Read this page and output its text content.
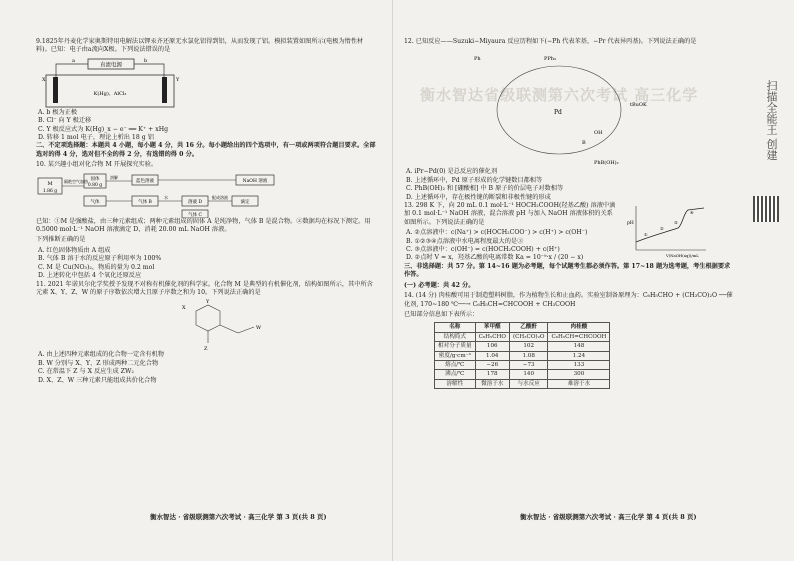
9.1825年丹麦化学家奥斯特用电解法以钾汞齐还原无水氯化铝得到铝，从而发现了铝。模拟装置如图所示(电极为惰性材料)。已知：电子由a流向X极。下列说法错误的是
直流电源
a	b
X	Y
K(Hg)、AlCl₃
A. b 极为正极
B. Cl⁻ 向 Y 极迁移
C. Y 极反应式为 K(Hg)_x − e⁻ ══ K⁺ + xHg
D. 转移 1 mol 电子，理论上析出 18 g 铝
二、不定项选择题：本题共 4 小题，每小题 4 分，共 16 分。每小题给出的四个选项中，有一项或两项符合题目要求。全部选对的得 4 分，选对但不全的得 2 分，有选错的得 0 分。
10. 某兴趣小组对化合物 M 开展探究实验。
M
1.86 g
隔绝空气加热 固体
0.80 g
气体
溶解
蓝色溶液
气体 B
水
溶液 D
气体 C
配成溶液
NaOH 溶液
滴定
已知：①M 是强酸盐，由三种元素组成；两种元素组成的固体 A 是纯净物，气体 B 是混合物。②数据均在标况下测定。用 0.5000 mol·L⁻¹ NaOH 溶液滴定 D，消耗 20.00 mL NaOH 溶液。
下列推断正确的是
A. 红色固体物质由 A 组成
B. 气体 B 溶于水的反应原子利用率为 100%
C. M 是 Cu(NO₃)₂，物质的量为 0.2 mol
D. 上述转化中包括 4 个氧化还原反应
11. 2021 年诺贝尔化学奖授予发现不对称有机催化剂的科学家。化合物 M 是典型的有机催化剂，结构如图所示，其中所含元素 X、Y、Z、W 的原子序数依次增大且原子序数之和为 10。下列说法正确的是
X
Y
Z
W
A. 由上述四种元素组成的化合物一定含有机物
B. W 分别与 X、Y、Z 形成两种二元化合物
C. 在常温下 Z 与 X 反应生成 ZW₂
D. X、Z、W 三种元素只能组成共价化合物
衡水智达 · 省级联测第六次考试 · 高三化学 第 3 页(共 8 页)
衡水智达省级联测第六次考试 高三化学
12. 已知反应——Suzuki−Miyaura 反应历程如下(−Ph 代表苯基，−Pr 代表异丙基)。下列说法正确的是
Ph	PPh₃
Pd
OH
B
tBuOK
PhB(OH)₂
A. iPr−Pd(0) 是总反应的催化剂
B. 上述循环中，Pd 原子形成的化学键数目都相等
C. PhB(OH)₂ 和 [硼酸根] 中 B 原子的价层电子对数相等
D. 上述循环中，存在极性键的断裂和非极性键的形成
13. 298 K 下，向 20 mL 0.1 mol·L⁻¹ HOCH₂COOH(羟基乙酸) 溶液中滴加 0.1 mol·L⁻¹ NaOH 溶液，混合溶液 pH 与加入 NaOH 溶液体积的关系如图所示。下列说法正确的是	pH
V(NaOH(aq))/mL
①
②
③
④
A. ②点溶液中：c(Na⁺) > c(HOCH₂COO⁻) > c(H⁺) > c(OH⁻)
B. ①②③④点溶液中水电离程度最大的是③
C. ③点溶液中：c(OH⁻) = c(HOCH₂COOH) + c(H⁺)
D. ②点时 V = x，羟基乙酸的电离常数 Ka = 10⁻⁹·x / (20 − x)
三、非选择题：共 57 分。第 14~16 题为必考题，每个试题考生都必须作答。第 17~18 题为选考题，考生根据要求作答。
(一) 必考题：共 42 分。
14. (14 分) 肉桂酸可用于制造塑料树脂，作为植物生长和止血药。实验室制备原理为：C₆H₅CHO + (CH₃CO)₂O ──催化剂, 170~180 ℃──→ C₆H₅CH=CHCOOH + CH₃COOH
已知部分信息如下表所示：
名称	苯甲醛	乙酸酐	肉桂酸
结构简式	C₆H₅CHO	(CH₃CO)₂O	C₆H₅CH=CHCOOH
相对分子质量	106	102	148
密度/g·cm⁻³	1.04	1.08	1.24
熔点/℃	−26	−73	133
沸点/℃	178	140	300
溶解性	微溶于水	与水反应	难溶于水
衡水智达 · 省级联测第六次考试 · 高三化学 第 4 页(共 8 页)
扫描全能王 创建
